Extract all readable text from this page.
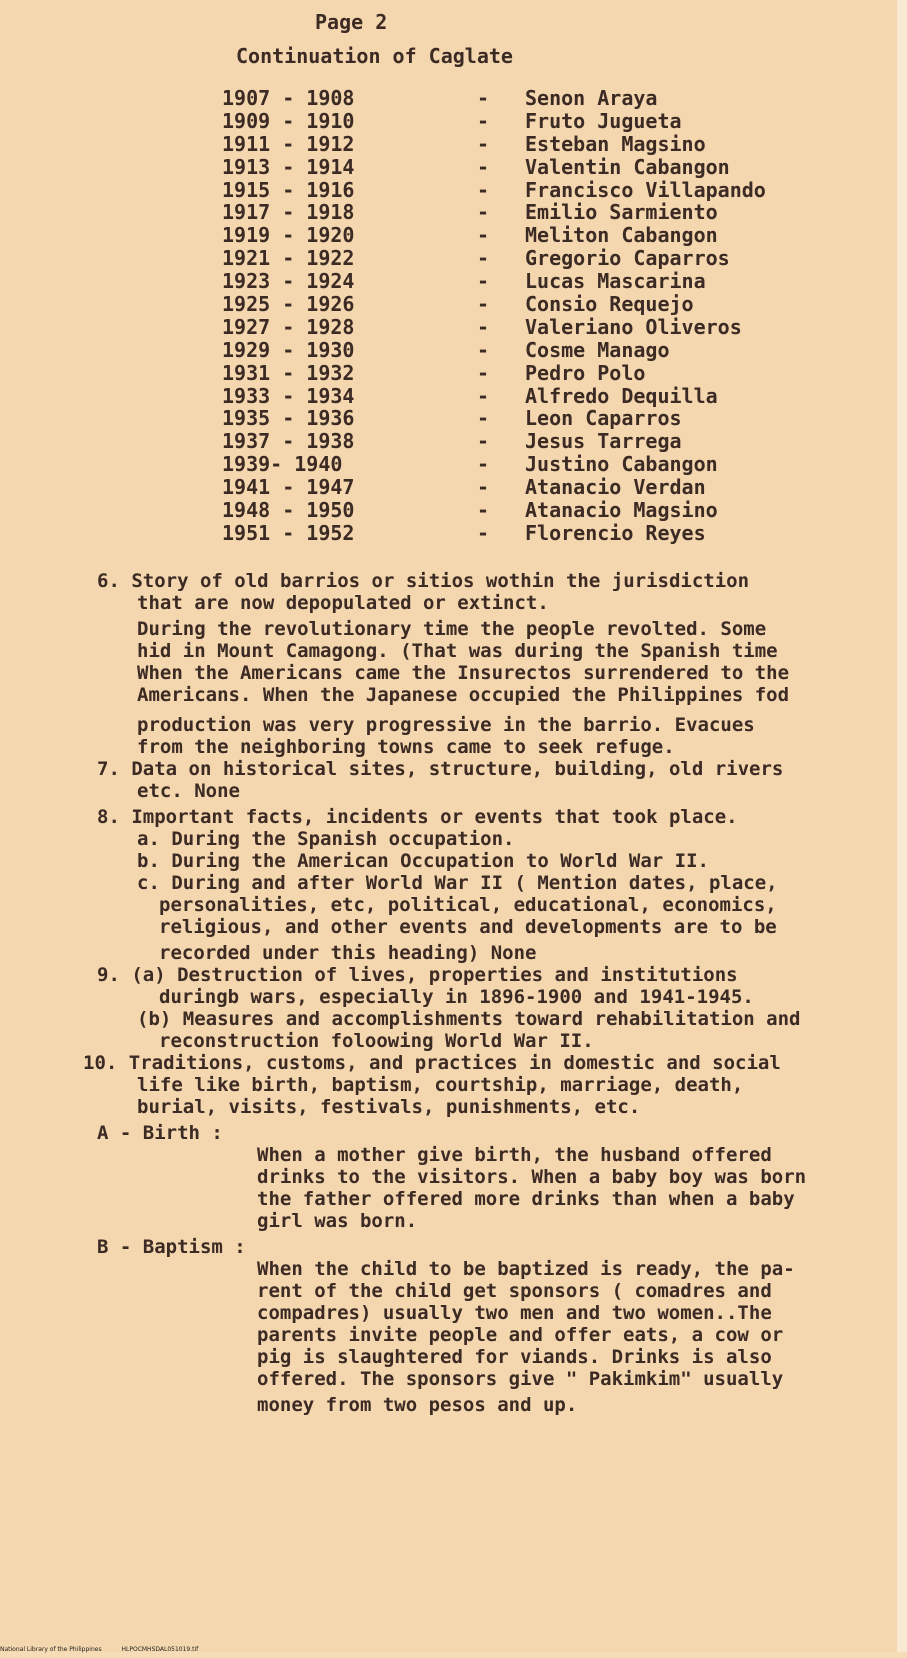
Page 2
Continuation of Caglate
1907 - 1908	- Senon Araya
1909 - 1910	- Fruto Jugueta
1911 - 1912	- Esteban Magsino
1913 - 1914	- Valentin Cabangon
1915 - 1916	- Francisco Villapando
1917 - 1918	- Emilio Sarmiento
1919 - 1920	- Meliton Cabangon
1921 - 1922	- Gregorio Caparros
1923 - 1924	- Lucas Mascarina
1925 - 1926	- Consio Requejo
1927 - 1928	- Valeriano Oliveros
1929 - 1930	- Cosme Manago
1931 - 1932	- Pedro Polo
1933 - 1934	- Alfredo Dequilla
1935 - 1936	- Leon Caparros
1937 - 1938	- Jesus Tarrega
1939- 1940	- Justino Cabangon
1941 - 1947	- Atanacio Verdan
1948 - 1950	- Atanacio Magsino
1951 - 1952	- Florencio Reyes
6. Story of old barrios or sitios wothin the jurisdiction
that are now depopulated or extinct.
During the revolutionary time the people revolted. Some
hid in Mount Camagong. (That was during the Spanish time
When the Americans came the Insurectos surrendered to the
Americans. When the Japanese occupied the Philippines fod
production was very progressive in the barrio. Evacues
from the neighboring towns came to seek refuge.
7. Data on historical sites, structure, building, old rivers
etc. None
8. Important facts, incidents or events that took place.
a. During the Spanish occupation.
b. During the American Occupation to World War II.
c. During and after World War II ( Mention dates, place,
personalities, etc, political, educational, economics,
religious, and other events and developments are to be
recorded under this heading) None
9. (a) Destruction of lives, properties and institutions
duringb wars, especially in 1896-1900 and 1941-1945.
(b) Measures and accomplishments toward rehabilitation and
reconstruction foloowing World War II.
10. Traditions, customs, and practices in domestic and social
life like birth, baptism, courtship, marriage, death,
burial, visits, festivals, punishments, etc.
A - Birth :
When a mother give birth, the husband offered
drinks to the visitors. When a baby boy was born
the father offered more drinks than when a baby
girl was born.
B - Baptism :
When the child to be baptized is ready, the pa-
rent of the child get sponsors ( comadres and
compadres) usually two men and two women..The
parents invite people and offer eats, a cow or
pig is slaughtered for viands. Drinks is also
offered. The sponsors give " Pakimkim" usually
money from two pesos and up.
National Library of the Philippines	HLPOCMHSDAL051019.tif
